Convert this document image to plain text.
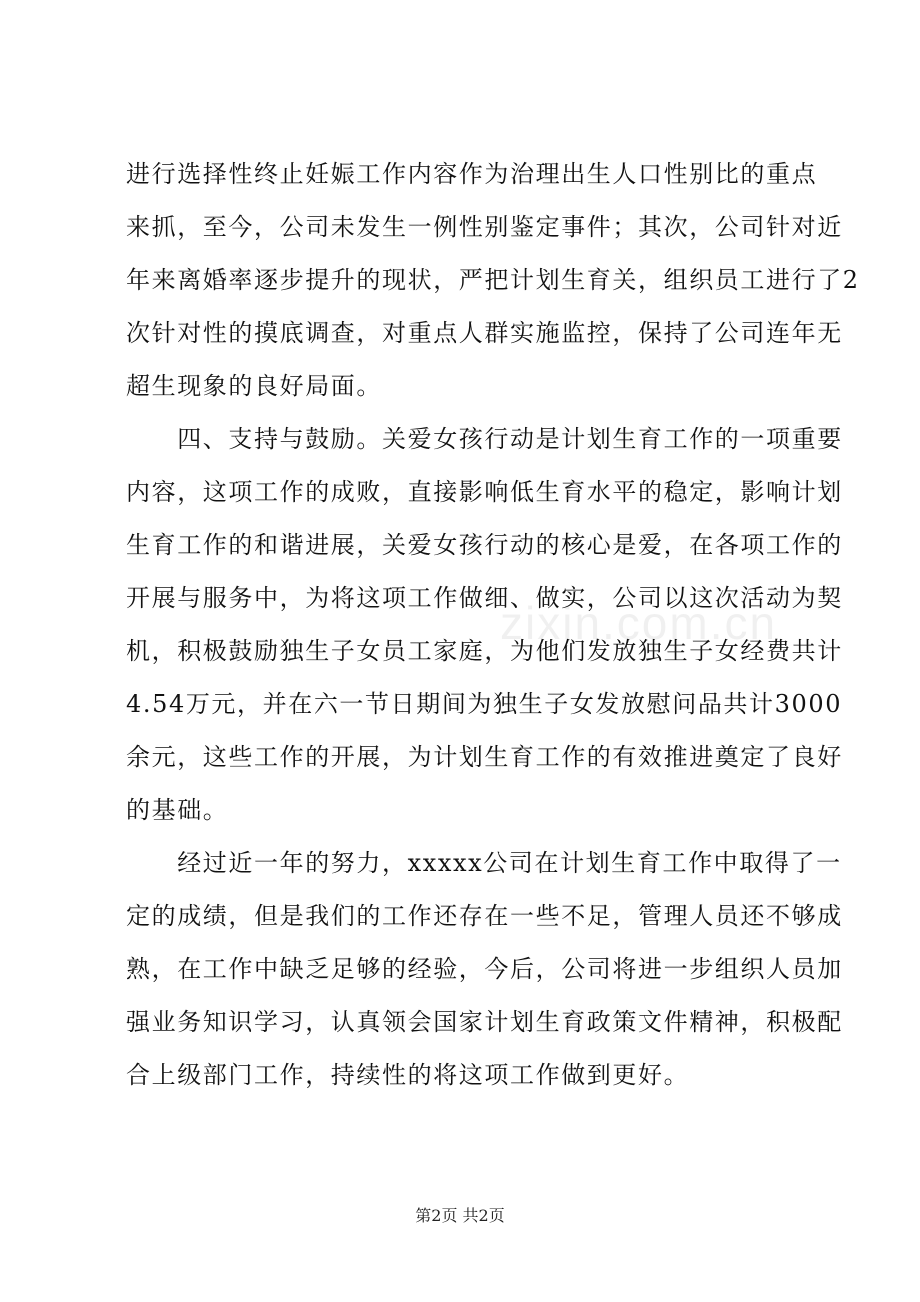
进行选择性终止妊娠工作内容作为治理出生人口性别比的重点
来抓，至今，公司未发生一例性别鉴定事件；其次，公司针对近
年来离婚率逐步提升的现状，严把计划生育关，组织员工进行了2
次针对性的摸底调查，对重点人群实施监控，保持了公司连年无
超生现象的良好局面。
　　四、支持与鼓励。关爱女孩行动是计划生育工作的一项重要
内容，这项工作的成败，直接影响低生育水平的稳定，影响计划
生育工作的和谐进展，关爱女孩行动的核心是爱，在各项工作的
开展与服务中，为将这项工作做细、做实，公司以这次活动为契
机，积极鼓励独生子女员工家庭，为他们发放独生子女经费共计
4.54万元，并在六一节日期间为独生子女发放慰问品共计3000
余元，这些工作的开展，为计划生育工作的有效推进奠定了良好
的基础。
　　经过近一年的努力，xxxxx公司在计划生育工作中取得了一
定的成绩，但是我们的工作还存在一些不足，管理人员还不够成
熟，在工作中缺乏足够的经验，今后，公司将进一步组织人员加
强业务知识学习，认真领会国家计划生育政策文件精神，积极配
合上级部门工作，持续性的将这项工作做到更好。
zixin.com.cn
第2页 共2页
